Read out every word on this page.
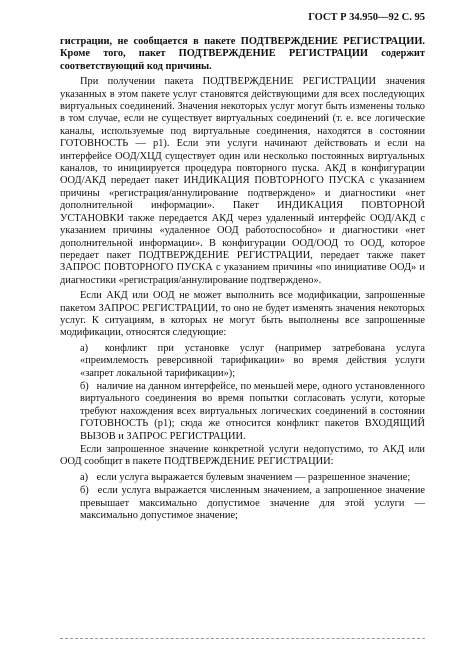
ГОСТ Р 34.950—92 С. 95

гистрации, не сообщается в пакете ПОДТВЕРЖДЕНИЕ РЕГИСТРАЦИИ. Кроме того, пакет ПОДТВЕРЖДЕНИЕ РЕГИСТРАЦИИ содержит соответствующий код причины.

При получении пакета ПОДТВЕРЖДЕНИЕ РЕГИСТРАЦИИ значения указанных в этом пакете услуг становятся действующими для всех последующих виртуальных соединений. Значения некоторых услуг могут быть изменены только в том случае, если не существует виртуальных соединений (т. е. все логические каналы, используемые под виртуальные соединения, находятся в состоянии ГОТОВНОСТЬ — p1). Если эти услуги начинают действовать и если на интерфейсе ООД/ХЦД существует один или несколько постоянных виртуальных каналов, то инициируется процедура повторного пуска. АКД в конфигурации ООД/АКД передает пакет ИНДИКАЦИЯ ПОВТОРНОГО ПУСКА с указанием причины «регистрация/аннулирование подтверждено» и диагностики «нет дополнительной информации». Пакет ИНДИКАЦИЯ ПОВТОРНОЙ УСТАНОВКИ также передается АКД через удаленный интерфейс ООД/АКД с указанием причины «удаленное ООД работоспособно» и диагностики «нет дополнительной информации». В конфигурации ООД/ООД то ООД, которое передает пакет ПОДТВЕРЖДЕНИЕ РЕГИСТРАЦИИ, передает также пакет ЗАПРОС ПОВТОРНОГО ПУСКА с указанием причины «по инициативе ООД» и диагностики «регистрация/аннулирование подтверждено».

Если АКД или ООД не может выполнить все модификации, запрошенные пакетом ЗАПРОС РЕГИСТРАЦИИ, то оно не будет изменять значения некоторых услуг. К ситуациям, в которых не могут быть выполнены все запрошенные модификации, относятся следующие:

а) конфликт при установке услуг (например затребована услуга «преимлемость реверсивной тарификации» во время действия услуги «запрет локальной тарификации»);
б) наличие на данном интерфейсе, по меньшей мере, одного установленного виртуального соединения во время попытки согласовать услуги, которые требуют нахождения всех виртуальных логических соединений в состоянии ГОТОВНОСТЬ (p1); сюда же относится конфликт пакетов ВХОДЯЩИЙ ВЫЗОВ и ЗАПРОС РЕГИСТРАЦИИ.

Если запрошенное значение конкретной услуги недопустимо, то АКД или ООД сообщит в пакете ПОДТВЕРЖДЕНИЕ РЕГИСТРАЦИИ:

а) если услуга выражается булевым значением — разрешенное значение;
б) если услуга выражается численным значением, а запрошенное значение превышает максимально допустимое значение для этой услуги — максимально допустимое значение;
